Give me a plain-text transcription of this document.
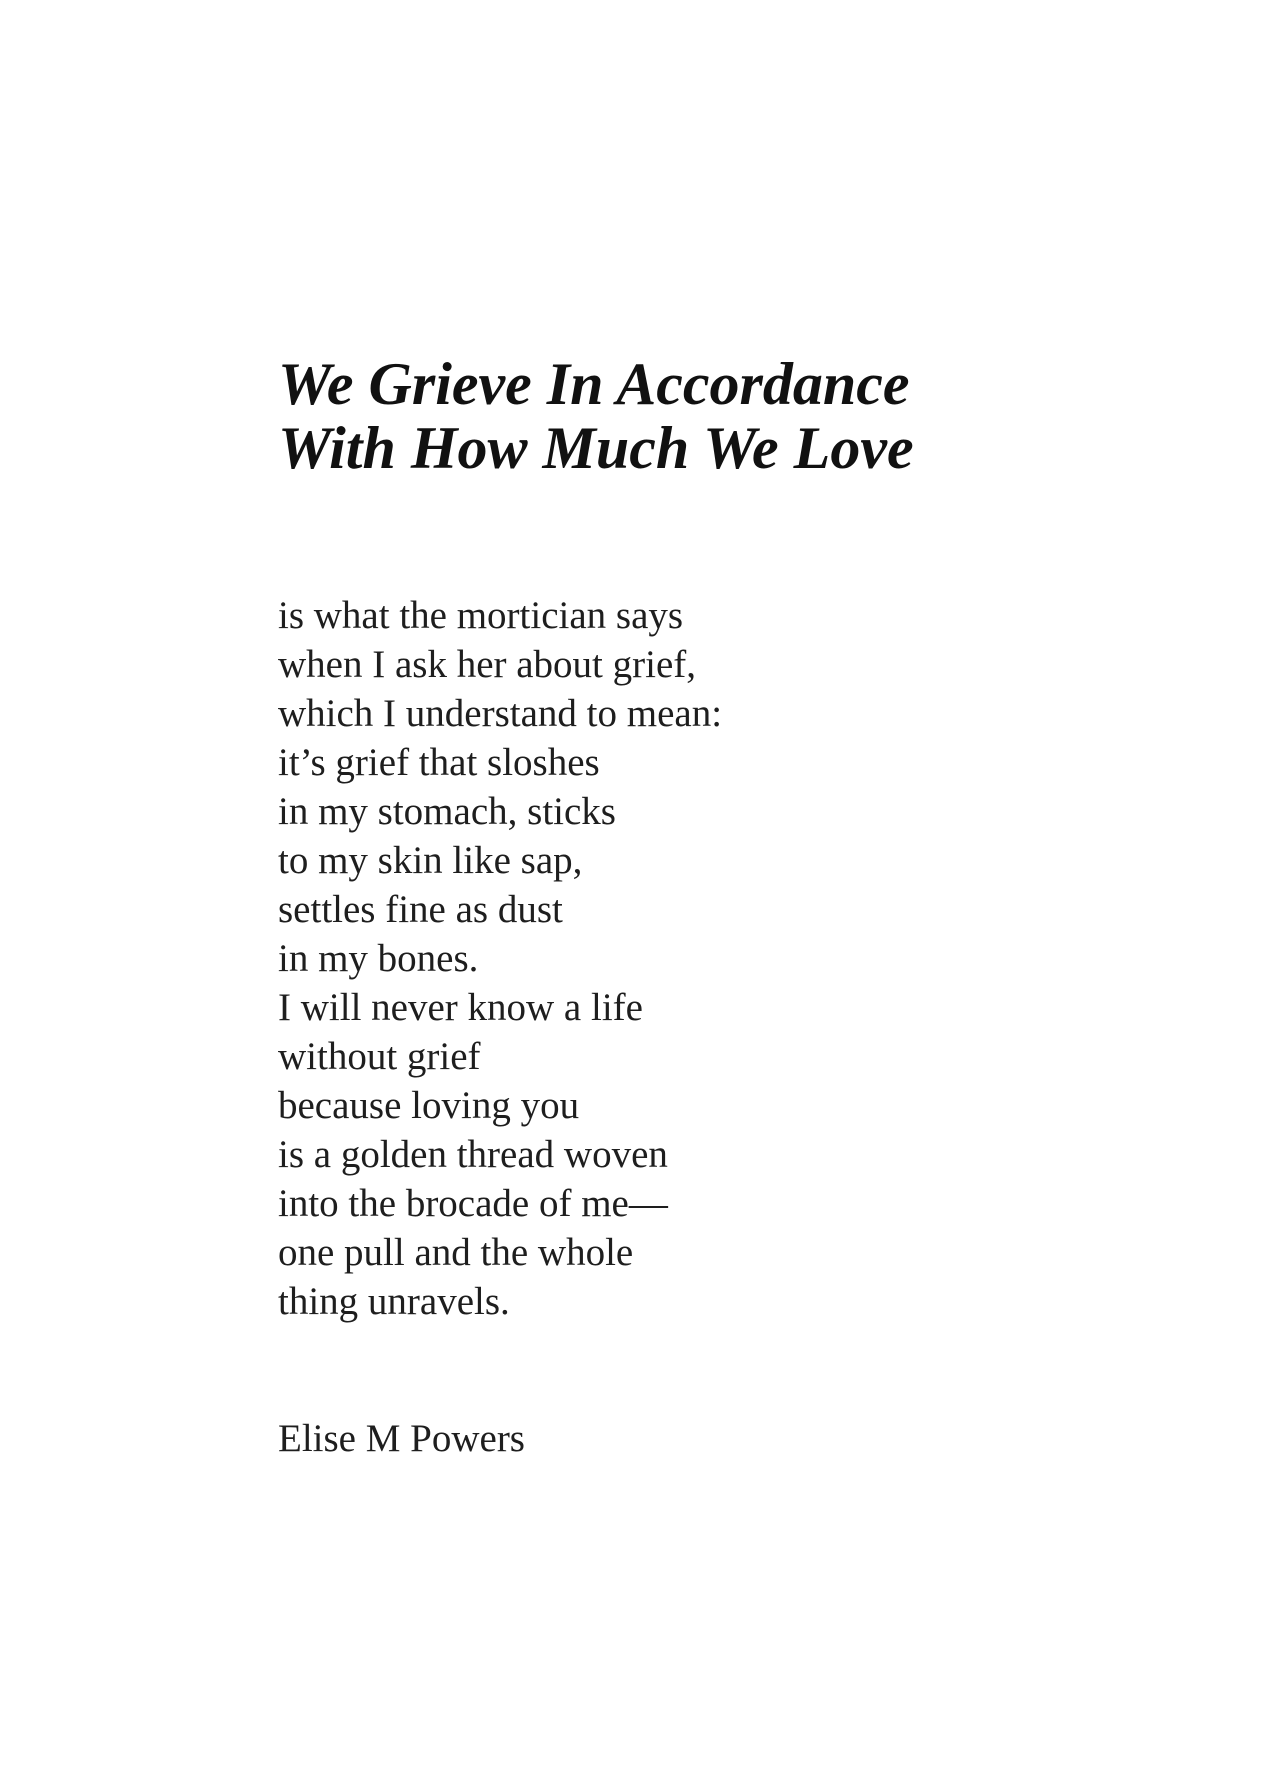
We Grieve In Accordance
With How Much We Love
is what the mortician says
when I ask her about grief,
which I understand to mean:
it’s grief that sloshes
in my stomach, sticks
to my skin like sap,
settles fine as dust
in my bones.
I will never know a life
without grief
because loving you
is a golden thread woven
into the brocade of me—
one pull and the whole
thing unravels.

Elise M Powers
